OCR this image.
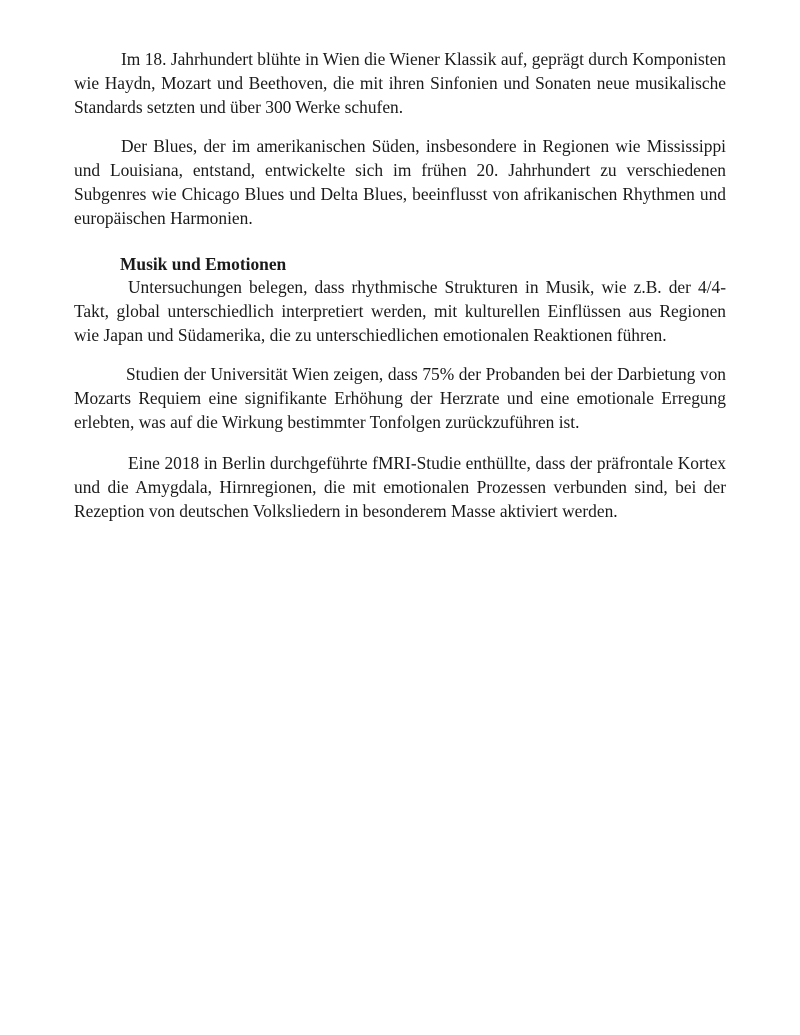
Im 18. Jahrhundert blühte in Wien die Wiener Klassik auf, geprägt durch Komponisten wie Haydn, Mozart und Beethoven, die mit ihren Sinfonien und Sonaten neue musikalische Standards setzten und über 300 Werke schufen.

Der Blues, der im amerikanischen Süden, insbesondere in Regionen wie Mississippi und Louisiana, entstand, entwickelte sich im frühen 20. Jahrhundert zu verschiedenen Subgenres wie Chicago Blues und Delta Blues, beeinflusst von afrikanischen Rhythmen und europäischen Harmonien.

Musik und Emotionen

Untersuchungen belegen, dass rhythmische Strukturen in Musik, wie z.B. der 4/4-Takt, global unterschiedlich interpretiert werden, mit kulturellen Einflüssen aus Regionen wie Japan und Südamerika, die zu unterschiedlichen emotionalen Reaktionen führen.

Studien der Universität Wien zeigen, dass 75% der Probanden bei der Darbietung von Mozarts Requiem eine signifikante Erhöhung der Herzrate und eine emotionale Erregung erlebten, was auf die Wirkung bestimmter Tonfolgen zurückzuführen ist.

Eine 2018 in Berlin durchgeführte fMRI-Studie enthüllte, dass der präfrontale Kortex und die Amygdala, Hirnregionen, die mit emotionalen Prozessen verbunden sind, bei der Rezeption von deutschen Volksliedern in besonderem Masse aktiviert werden.
